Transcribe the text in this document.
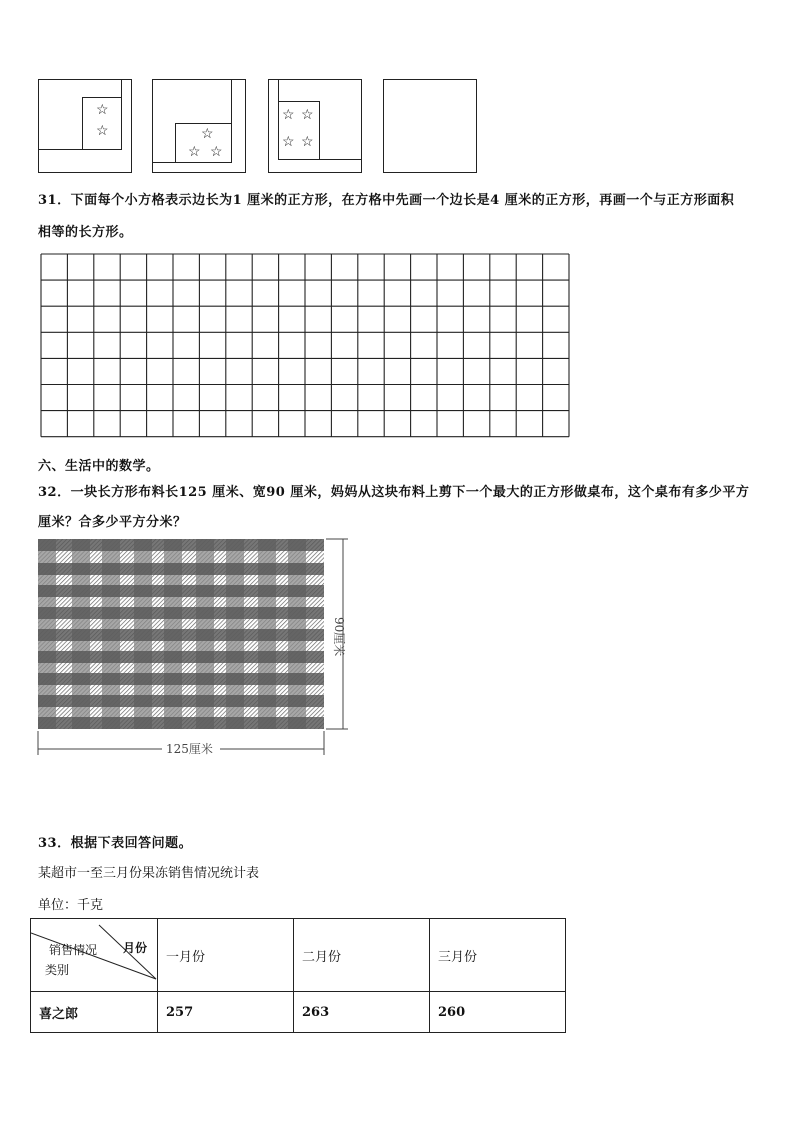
☆
☆	☆
☆ ☆
☆ ☆
☆ ☆
31．下面每个小方格表示边长为1 厘米的正方形，在方格中先画一个边长是4 厘米的正方形，再画一个与正方形面积
相等的长方形。
六、生活中的数学。
32．一块长方形布料长125 厘米、宽90 厘米，妈妈从这块布料上剪下一个最大的正方形做桌布，这个桌布有多少平方
厘米？合多少平方分米？
90厘米
125厘米
33．根据下表回答问题。
某超市一至三月份果冻销售情况统计表
单位：千克
销售情况 月份
类别	一月份	二月份	三月份
喜之郎	257	263	260
